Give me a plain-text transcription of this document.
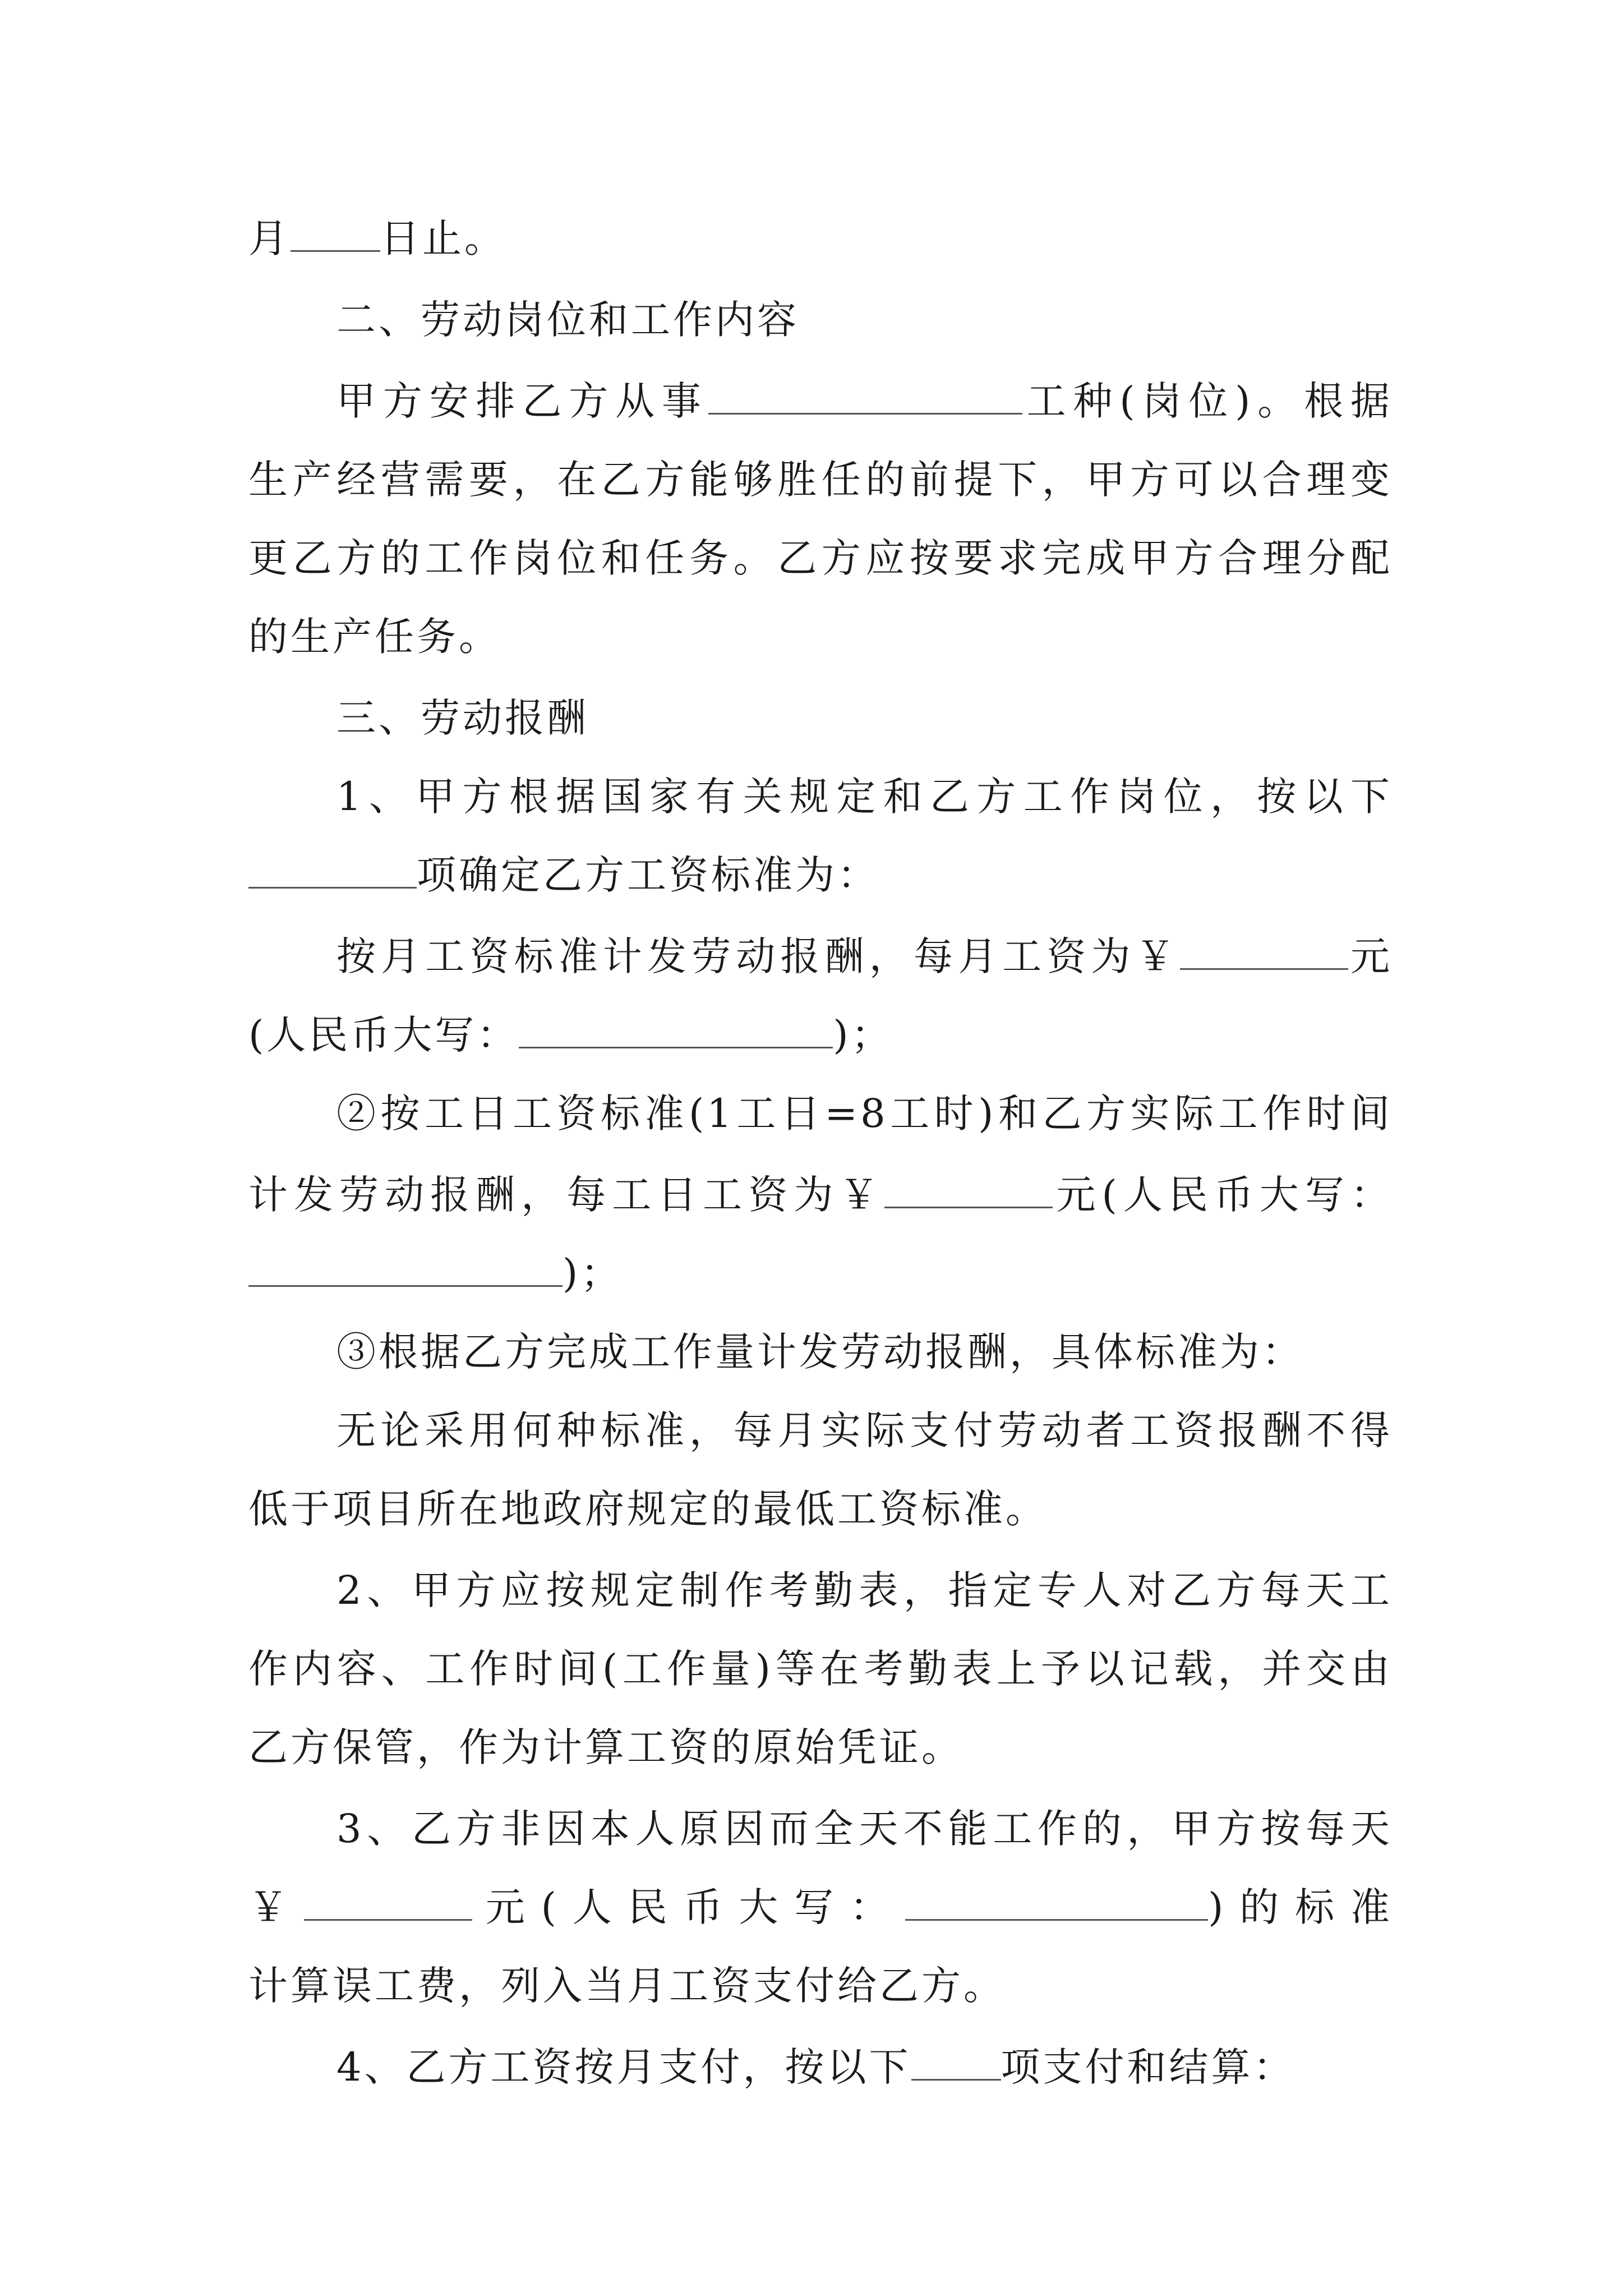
月 日止。
二、劳动岗位和工作内容
甲方安排乙方从事	工种(岗位)。根据
生产经营需要，在乙方能够胜任的前提下，甲方可以合理变
更乙方的工作岗位和任务。乙方应按要求完成甲方合理分配
的生产任务。
三、劳动报酬
1、甲方根据国家有关规定和乙方工作岗位，按以下
项确定乙方工资标准为：
按月工资标准计发劳动报酬，每月工资为￥	元
(人民币大写：	)；
②按工日工资标准(1工日=8工时)和乙方实际工作时间
计发劳动报酬，每工日工资为￥	元(人民币大写：
)；
③根据乙方完成工作量计发劳动报酬，具体标准为：
无论采用何种标准，每月实际支付劳动者工资报酬不得
低于项目所在地政府规定的最低工资标准。
2、甲方应按规定制作考勤表，指定专人对乙方每天工
作内容、工作时间(工作量)等在考勤表上予以记载，并交由
乙方保管，作为计算工资的原始凭证。
3、乙方非因本人原因而全天不能工作的，甲方按每天
￥	元(人民币大写：	)的标准
计算误工费，列入当月工资支付给乙方。
4、乙方工资按月支付，按以下 项支付和结算：
